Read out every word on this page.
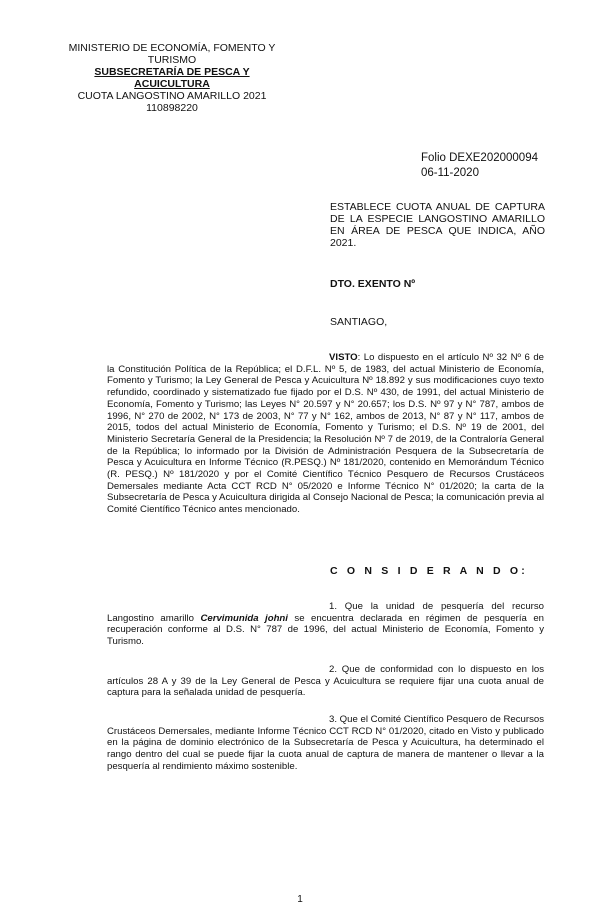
MINISTERIO DE ECONOMÍA, FOMENTO Y TURISMO
SUBSECRETARÍA DE PESCA Y ACUICULTURA
CUOTA LANGOSTINO AMARILLO 2021
110898220
Folio DEXE202000094
06-11-2020
ESTABLECE CUOTA ANUAL DE CAPTURA DE LA ESPECIE LANGOSTINO AMARILLO EN ÁREA DE PESCA QUE INDICA, AÑO 2021.
DTO. EXENTO Nº
SANTIAGO,
VISTO: Lo dispuesto en el artículo Nº 32 Nº 6 de la Constitución Política de la República; el D.F.L. Nº 5, de 1983, del actual Ministerio de Economía, Fomento y Turismo; la Ley General de Pesca y Acuicultura Nº 18.892 y sus modificaciones cuyo texto refundido, coordinado y sistematizado fue fijado por el D.S. Nº 430, de 1991, del actual Ministerio de Economía, Fomento y Turismo; las Leyes N° 20.597 y N° 20.657; los D.S. Nº 97 y N° 787, ambos de 1996, N° 270 de 2002, N° 173 de 2003, N° 77 y N° 162, ambos de 2013, N° 87 y N° 117, ambos de 2015, todos del actual Ministerio de Economía, Fomento y Turismo; el D.S. Nº 19 de 2001, del Ministerio Secretaría General de la Presidencia; la Resolución Nº 7 de 2019, de la Contraloría General de la República; lo informado por la División de Administración Pesquera de la Subsecretaría de Pesca y Acuicultura en Informe Técnico (R.PESQ.) Nº 181/2020, contenido en Memorándum Técnico (R. PESQ.) Nº 181/2020 y por el Comité Científico Técnico Pesquero de Recursos Crustáceos Demersales mediante Acta CCT RCD N° 05/2020 e Informe Técnico N° 01/2020; la carta de la Subsecretaría de Pesca y Acuicultura dirigida al Consejo Nacional de Pesca; la comunicación previa al Comité Científico Técnico antes mencionado.
C O N S I D E R A N D O:
1. Que la unidad de pesquería del recurso Langostino amarillo Cervimunida johni se encuentra declarada en régimen de pesquería en recuperación conforme al D.S. N° 787 de 1996, del actual Ministerio de Economía, Fomento y Turismo.
2. Que de conformidad con lo dispuesto en los artículos 28 A y 39 de la Ley General de Pesca y Acuicultura se requiere fijar una cuota anual de captura para la señalada unidad de pesquería.
3. Que el Comité Científico Pesquero de Recursos Crustáceos Demersales, mediante Informe Técnico CCT RCD N° 01/2020, citado en Visto y publicado en la página de dominio electrónico de la Subsecretaría de Pesca y Acuicultura, ha determinado el rango dentro del cual se puede fijar la cuota anual de captura de manera de mantener o llevar a la pesquería al rendimiento máximo sostenible.
1
